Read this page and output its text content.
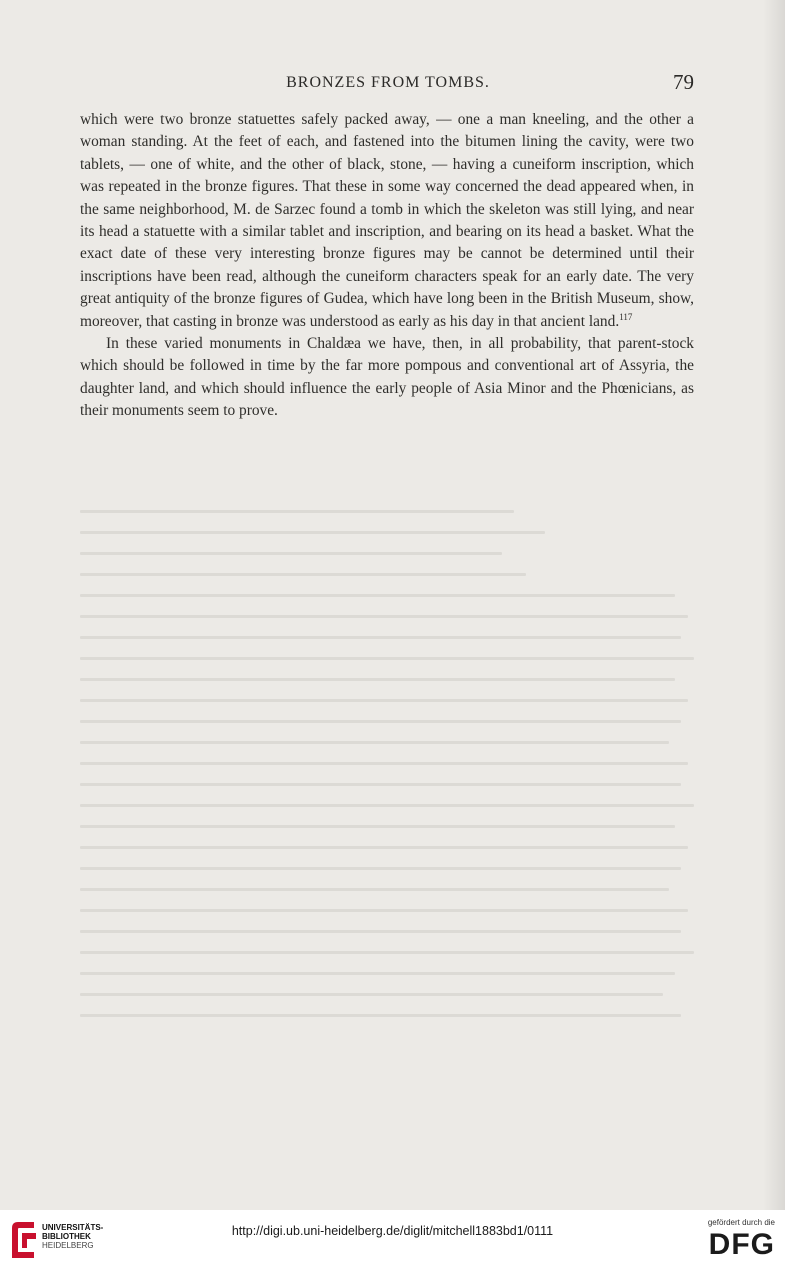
BRONZES FROM TOMBS.	79

which were two bronze statuettes safely packed away, — one a man kneeling, and the other a woman standing. At the feet of each, and fastened into the bitumen lining the cavity, were two tablets, — one of white, and the other of black, stone, — having a cuneiform inscription, which was repeated in the bronze figures. That these in some way concerned the dead appeared when, in the same neighborhood, M. de Sarzec found a tomb in which the skeleton was still lying, and near its head a statuette with a similar tablet and inscription, and bearing on its head a basket. What the exact date of these very interesting bronze figures may be cannot be determined until their inscriptions have been read, although the cuneiform characters speak for an early date. The very great antiquity of the bronze figures of Gudea, which have long been in the British Museum, show, moreover, that casting in bronze was understood as early as his day in that ancient land.$^{117}$

In these varied monuments in Chaldæa we have, then, in all probability, that parent-stock which should be followed in time by the far more pompous and conventional art of Assyria, the daughter land, and which should influence the early people of Asia Minor and the Phœnicians, as their monuments seem to prove.

UNIVERSITÄTS-
BIBLIOTHEK
HEIDELBERG
http://digi.ub.uni-heidelberg.de/diglit/mitchell1883bd1/0111
gefördert durch die
DFG
